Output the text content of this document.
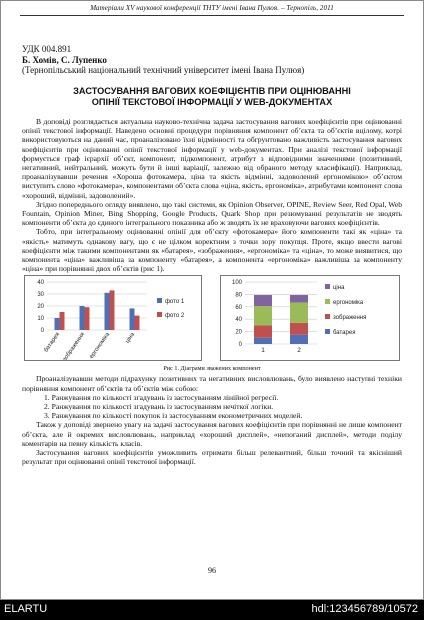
Матеріали XV наукової конференції ТНТУ імені Івана Пулюя. – Тернопіль, 2011

УДК 004.891

Б. Хомів, С. Лупенко

(Тернопільський національний технічний університет імені Івана Пулюя)

ЗАСТОСУВАННЯ ВАГОВИХ КОЕФІЦІЄНТІВ ПРИ ОЦІНЮВАННІ
ОПІНІЇ ТЕКСТОВОЇ ІНФОРМАЦІЇ У WEB-ДОКУМЕНТАХ

В доповіді розглядається актуальна науково-технічна задача застосування вагових коефіцієнтів при оцінюванні опінії текстової інформації. Наведено основні процедури порівняння компонент об’єкта та об’єктів вцілому, котрі використовуються на даний час, проаналізовано їхні відмінності та обгрунтовано важливість застосування вагових коефіцієнтів при оцінюванні опінії текстової інформації у web-документах. При аналізі текстової інформації формується граф ієрархії об’єкт, компонент, підкомпонент, атрибут з відповідними значеннями (позитивний, негативний, нейтральний, можуть бути й інші варіації, залежно від обраного методу класифікації). Наприклад, проаналізувавши речення «Хороша фотокамера, ціна та якість відмінні, задоволений ергономікою» об’єктом виступить слово «фотокамера», компонентами об’єкта слова «ціна, якість, ергономіка», атрибутами компонент слова «хороший, відмінні, задоволений».

Згідно попереднього огляду виявлено, що такі системи, як Opinion Observer, OPINE, Review Seer, Red Opal, Web Fountain, Opinion Miner, Bing Shopping, Google Products, Quark Shop при резюмуванні результатів не зводять компоненти об’єкта до єдиного інтегрального показника або ж зводять їх не враховуючи вагових коефіцієнтів.

Тобто, при інтегральному оцінюванні опінії для об’єкту «фотокамера» його компоненти такі як «ціна» та «якість» матимуть однакову вагу, що є не цілком коректним з точки зору покупця. Проте, якщо ввести вагові коефіцієнти між такими компонентами як «батарея», «зображення», «ергономіка» та «ціна», то може виявитися, що компонента «ціна» важливіша за компоненту «батарея», а компонента «ергономіка» важливіша за компоненту «ціна» при порівнянні двох об’єктів (рис 1).

0
10
20
30
40
батарея зображення ергономіка ціна
фото 1
фото 2
0
20
40
60
80
100
1	2
ціна
ергономіка
зображення
батарея

Рис 1. Діаграми зважених компонент

Проаналізувавши методи підрахунку позитивних та негативних висловлювань, було виявлено наступні техніки порівняння компонент об’єктів та об’єктів між собою:

1. Ранжування по кількості згадувань із застосуванням лінійної регресії.

2. Ранжування по кількості згадувань із застосуванням нечіткої логіки.

3. Ранжування по кількості покупок із застосуванням економетричних моделей.

Також у доповіді звернено увагу на задачі застосування вагових коефіцієнтів при порівнянні не лише компонент об’єкта, але й окремих висловлювань, наприклад «хороший дисплей», «непоганий дисплей», методи поділу коментарів на певну кількість класів.

Застосування вагових коефіцієнтів уможливить отримати більш релевантний, більш точний та якісніший результат при оцінюванні опінії текстової інформації.

96
ELARTU	hdl:123456789/10572
